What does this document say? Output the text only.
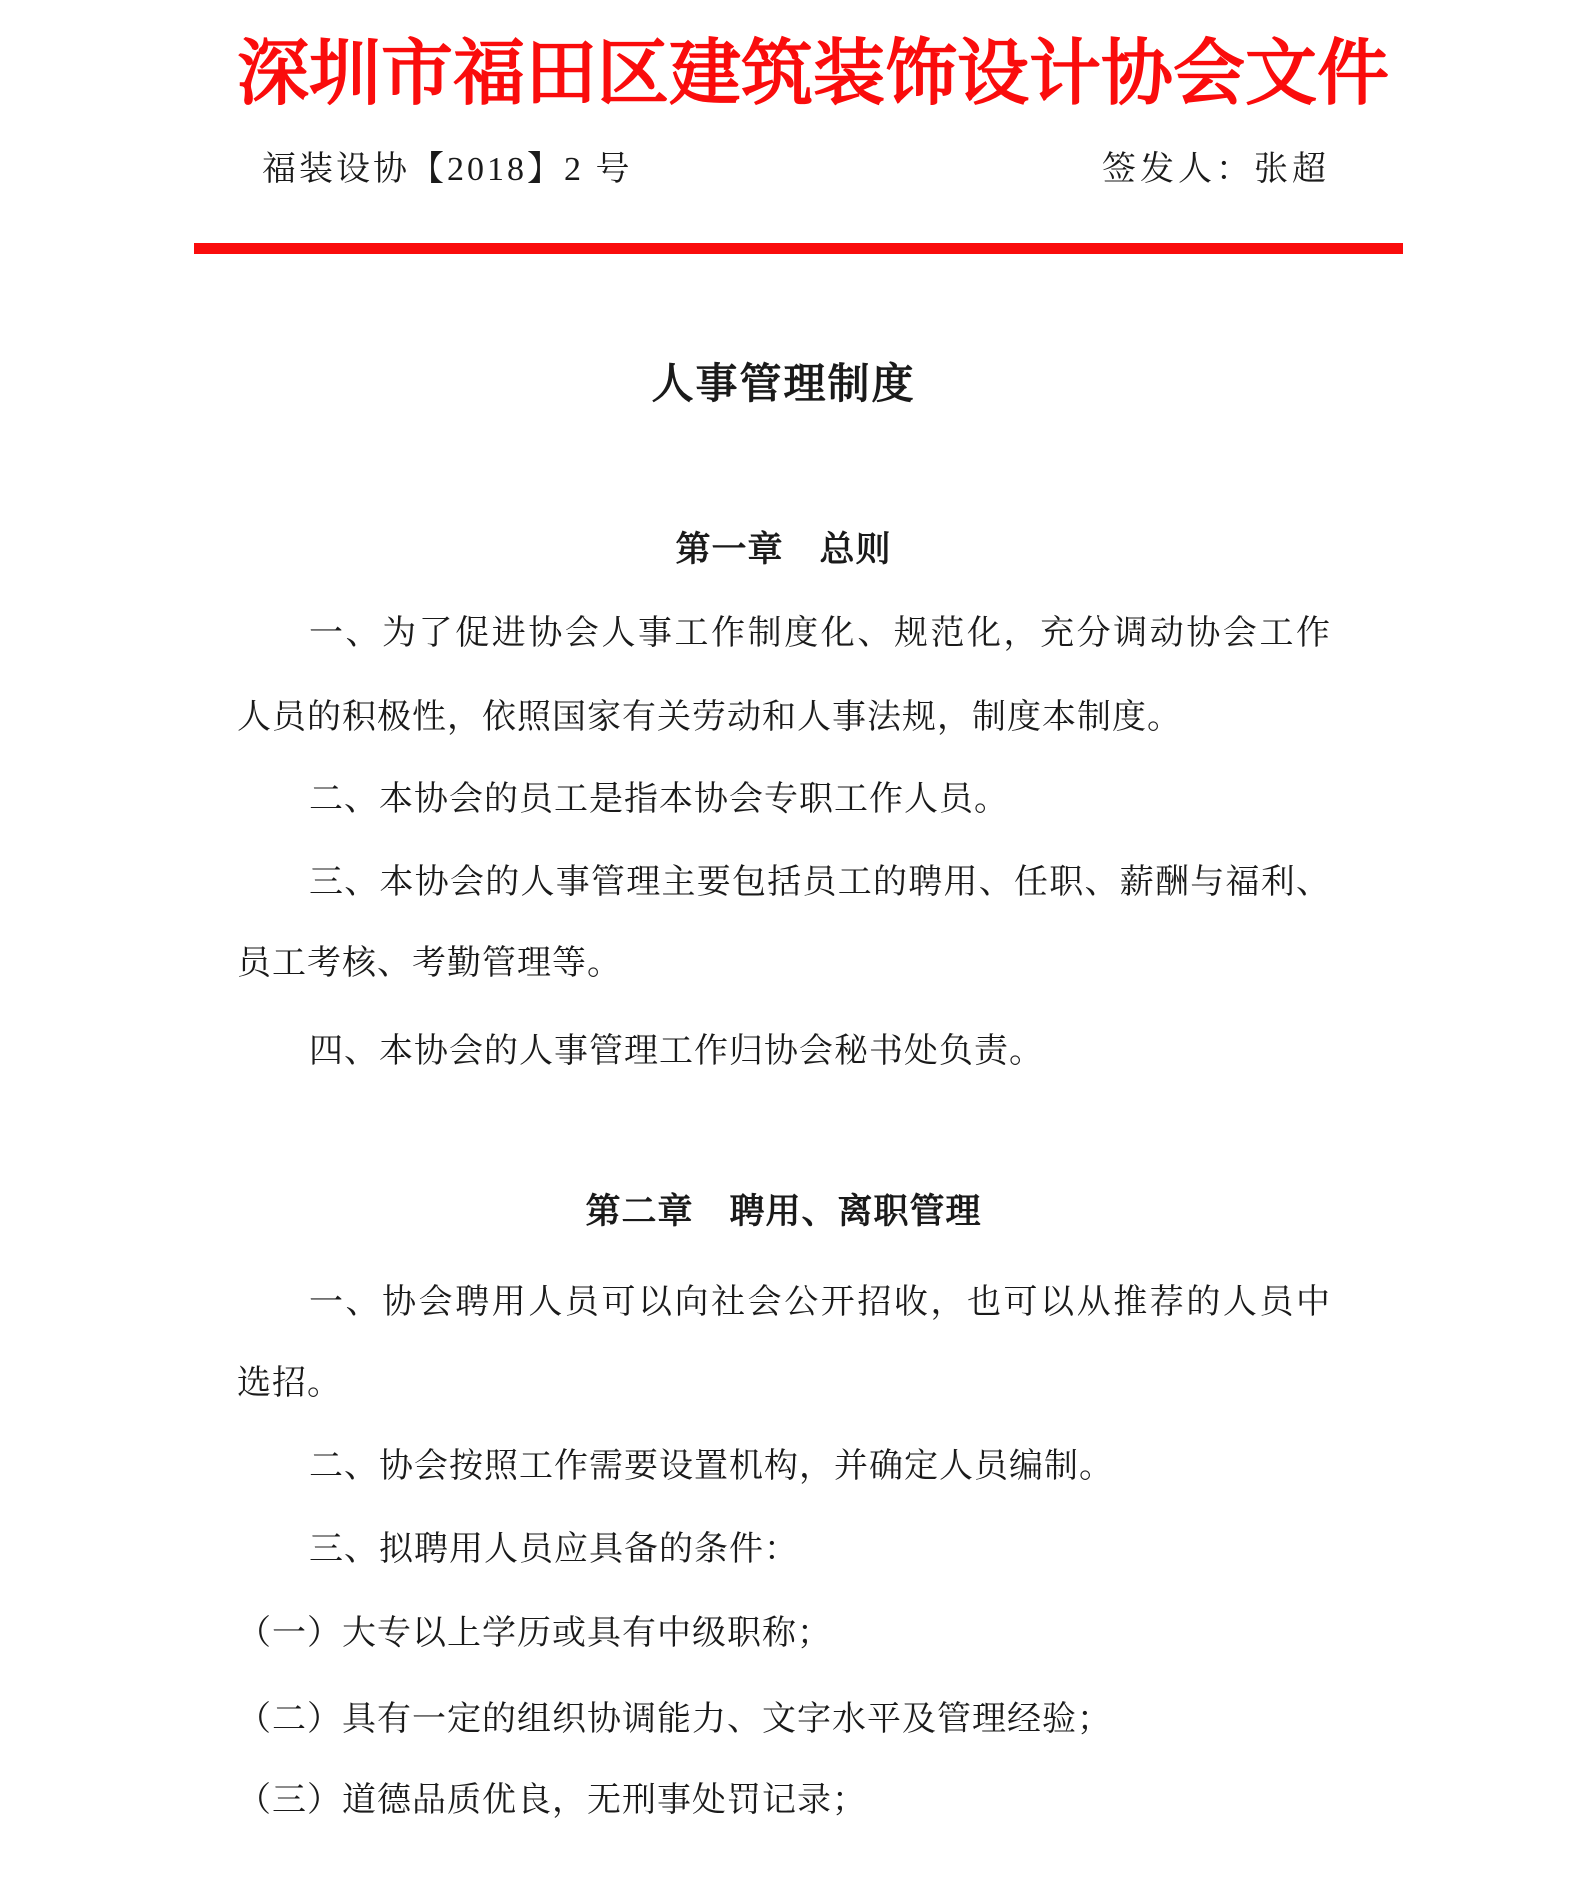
深圳市福田区建筑装饰设计协会文件
福装设协【2018】2 号	签发人：张超
人事管理制度
第一章　总则
一、为了促进协会人事工作制度化、规范化，充分调动协会工作
人员的积极性，依照国家有关劳动和人事法规，制度本制度。
二、本协会的员工是指本协会专职工作人员。
三、本协会的人事管理主要包括员工的聘用、任职、薪酬与福利、
员工考核、考勤管理等。
四、本协会的人事管理工作归协会秘书处负责。
第二章　聘用、离职管理
一、协会聘用人员可以向社会公开招收，也可以从推荐的人员中
选招。
二、协会按照工作需要设置机构，并确定人员编制。
三、拟聘用人员应具备的条件：
（一）大专以上学历或具有中级职称；
（二）具有一定的组织协调能力、文字水平及管理经验；
（三）道德品质优良，无刑事处罚记录；
